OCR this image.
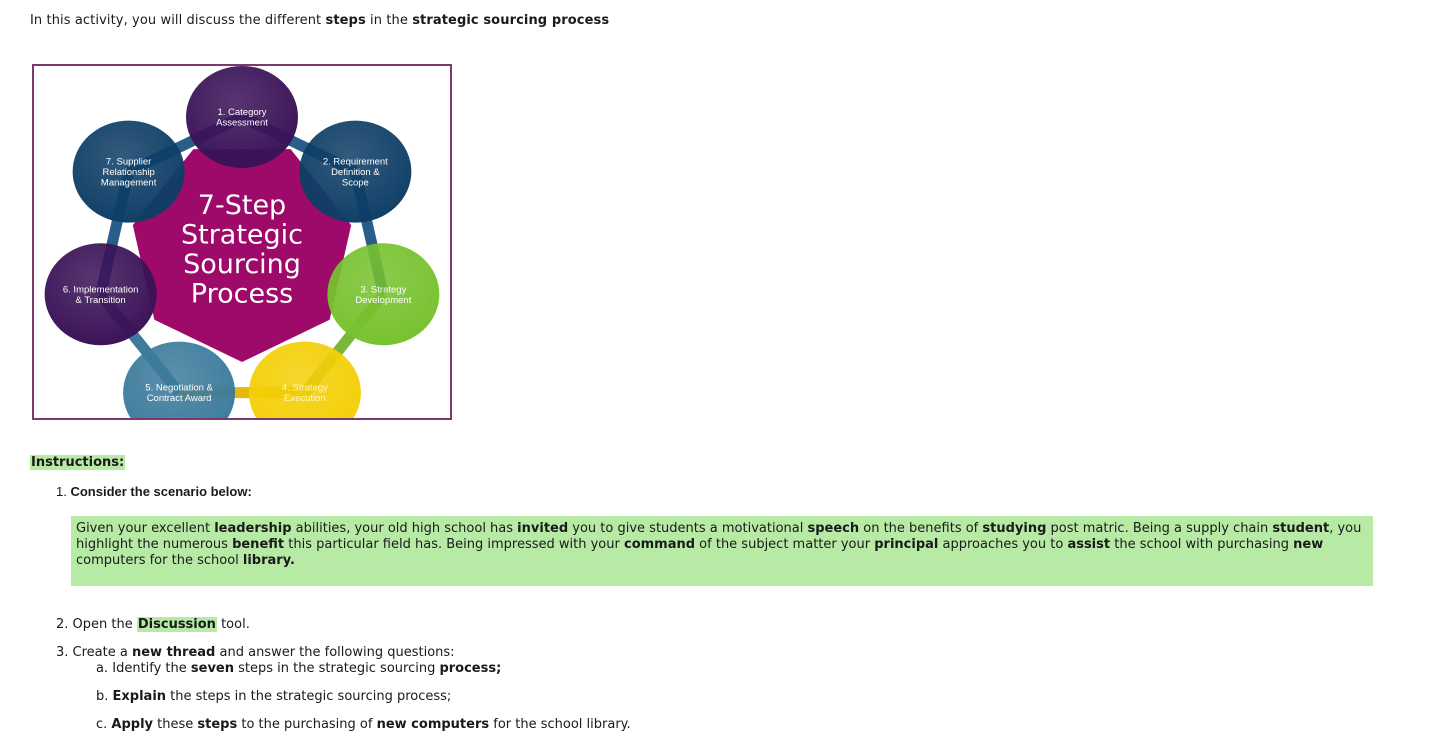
In this activity, you will discuss the different steps in the strategic sourcing process
7-Step Strategic Sourcing Process
1. Category Assessment
2. Requirement Definition & Scope
3. Strategy Development
4. Strategy Execution
5. Negotiation & Contract Award
6. Implementation & Transition
7. Supplier Relationship Management
Instructions:
1. Consider the scenario below:
Given your excellent leadership abilities, your old high school has invited you to give students a motivational speech on the benefits of studying post matric. Being a supply chain student, you highlight the numerous benefit this particular field has. Being impressed with your command of the subject matter your principal approaches you to assist the school with purchasing new computers for the school library.
2. Open the Discussion tool.
3. Create a new thread and answer the following questions:
a. Identify the seven steps in the strategic sourcing process;
b. Explain the steps in the strategic sourcing process;
c. Apply these steps to the purchasing of new computers for the school library.
